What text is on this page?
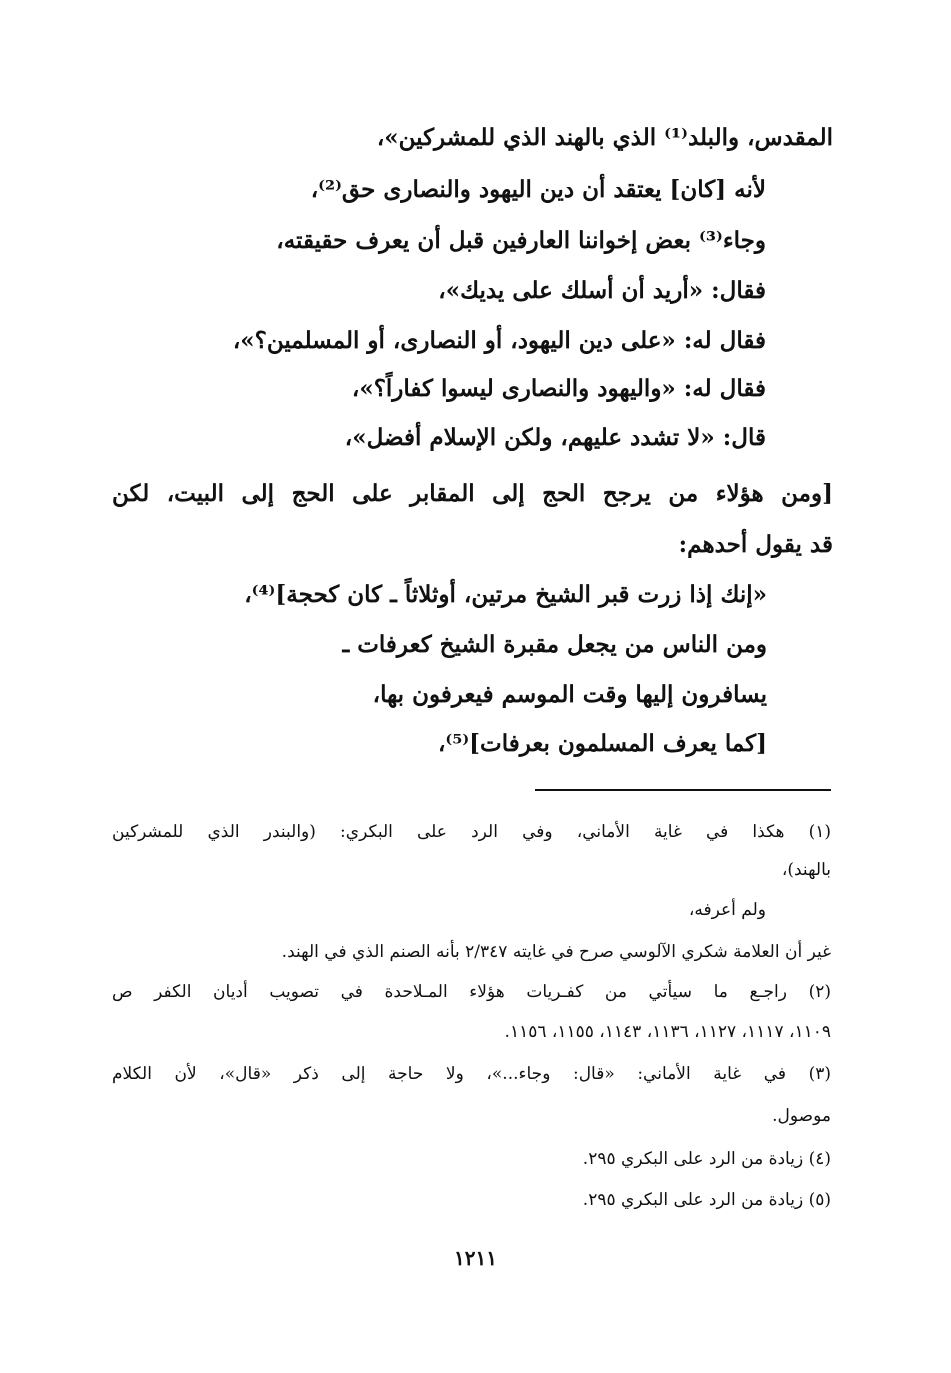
المقدس، والبلد⁽¹⁾ الذي بالهند الذي للمشركين»،
لأنه [كان] يعتقد أن دين اليهود والنصارى حق⁽²⁾،
وجاء⁽³⁾ بعض إخواننا العارفين قبل أن يعرف حقيقته،
فقال: «أريد أن أسلك على يديك»،
فقال له: «على دين اليهود، أو النصارى، أو المسلمين؟»،
فقال له: «واليهود والنصارى ليسوا كفاراً؟»،
قال: «لا تشدد عليهم، ولكن الإسلام أفضل»،
[ومن هؤلاء من يرجح الحج إلى المقابر على الحج إلى البيت، لكن
قد يقول أحدهم:
«إنك إذا زرت قبر الشيخ مرتين، أوثلاثاً ـ كان كحجة]⁽⁴⁾،
ومن الناس من يجعل مقبرة الشيخ كعرفات ـ
يسافرون إليها وقت الموسم فيعرفون بها،
[كما يعرف المسلمون بعرفات]⁽⁵⁾،
(١) هكذا في غاية الأماني، وفي الرد على البكري: (والبندر الذي للمشركين
بالهند)،
ولم أعرفه،
غير أن العلامة شكري الآلوسي صرح في غايته ٢/٣٤٧ بأنه الصنم الذي في الهند.
(٢) راجـع ما سيأتي من كفـريات هؤلاء المـلاحدة في تصويب أديان الكفر ص
١١٠٩، ١١١٧، ١١٢٧، ١١٣٦، ١١٤٣، ١١٥٥، ١١٥٦.
(٣) في غاية الأماني: «قال: وجاء...»، ولا حاجة إلى ذكر «قال»، لأن الكلام
موصول.
(٤) زيادة من الرد على البكري ٢٩٥.
(٥) زيادة من الرد على البكري ٢٩٥.
١٢١١
